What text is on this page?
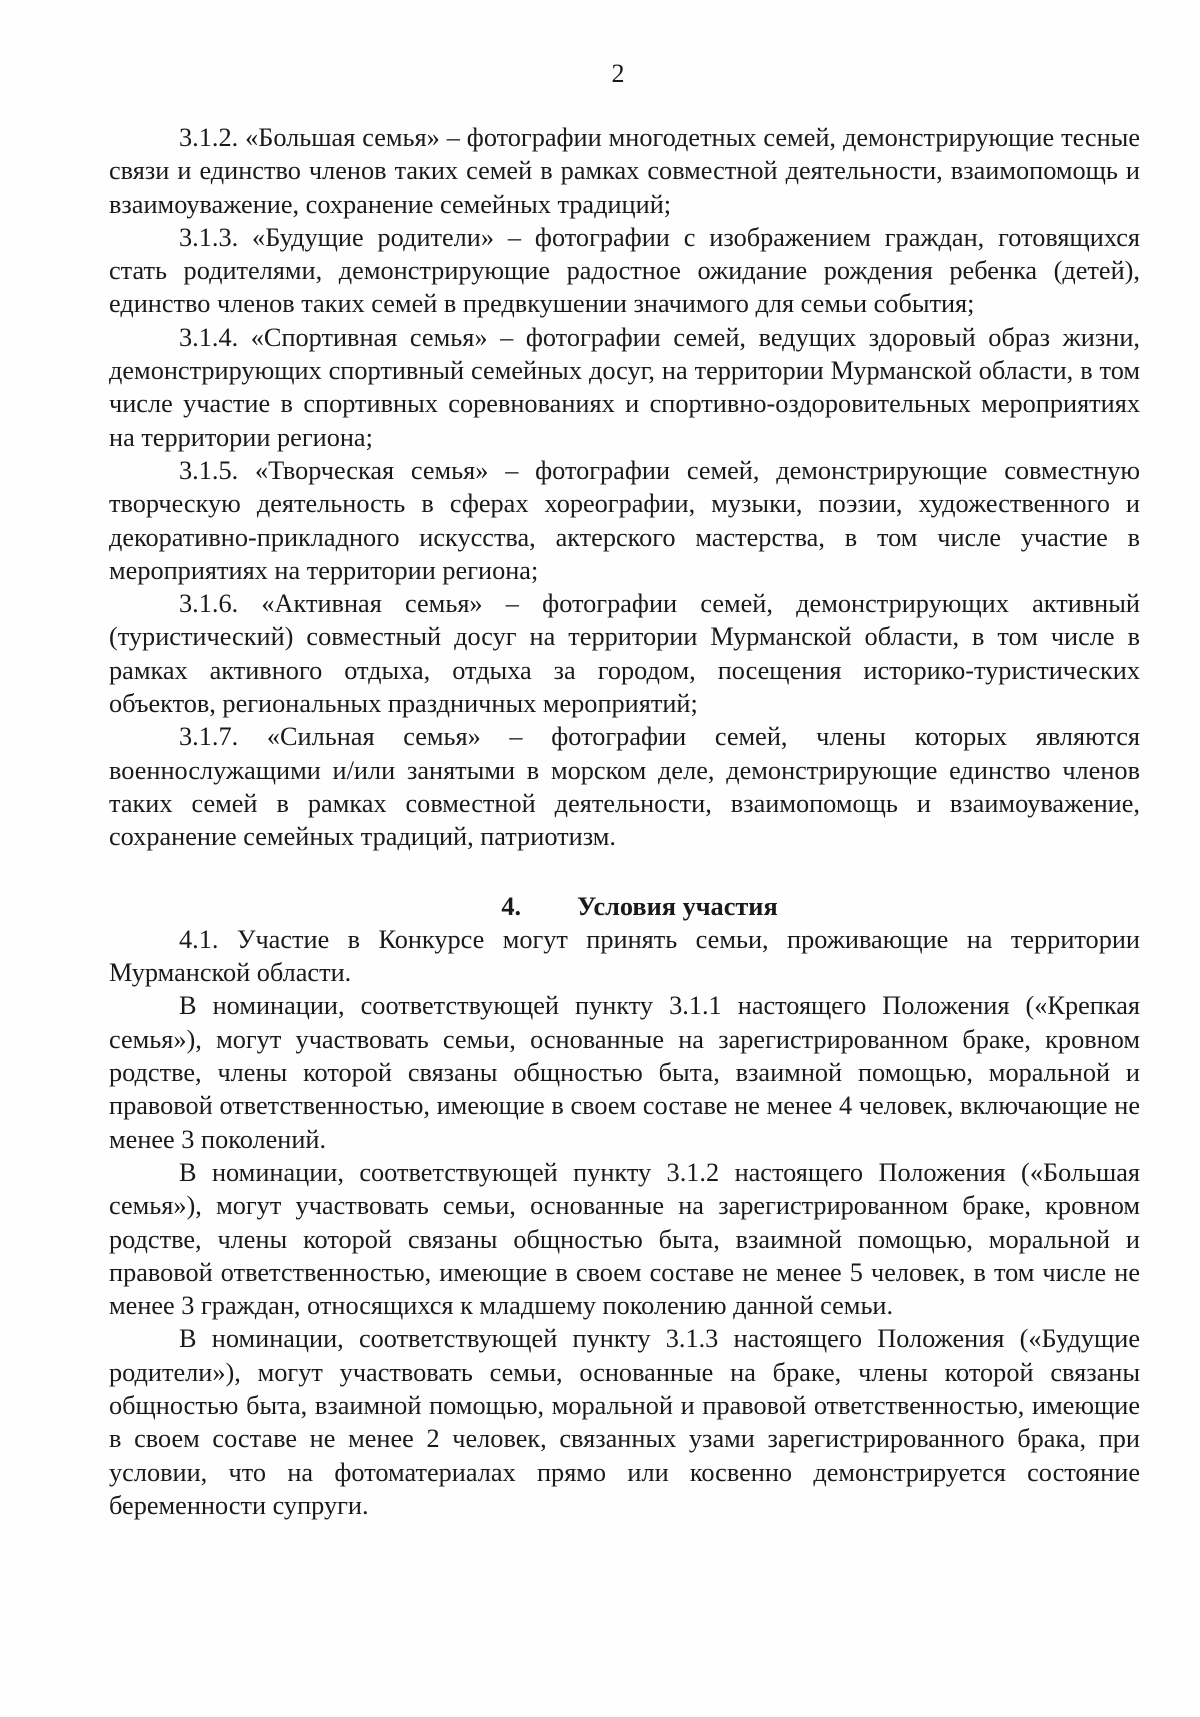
2

3.1.2. «Большая семья» – фотографии многодетных семей, демонстрирующие тесные связи и единство членов таких семей в рамках совместной деятельности, взаимопомощь и взаимоуважение, сохранение семейных традиций;

3.1.3. «Будущие родители» – фотографии с изображением граждан, готовящихся стать родителями, демонстрирующие радостное ожидание рождения ребенка (детей), единство членов таких семей в предвкушении значимого для семьи события;

3.1.4. «Спортивная семья» – фотографии семей, ведущих здоровый образ жизни, демонстрирующих спортивный семейных досуг, на территории Мурманской области, в том числе участие в спортивных соревнованиях и спортивно-оздоровительных мероприятиях на территории региона;

3.1.5. «Творческая семья» – фотографии семей, демонстрирующие совместную творческую деятельность в сферах хореографии, музыки, поэзии, художественного и декоративно-прикладного искусства, актерского мастерства, в том числе участие в мероприятиях на территории региона;

3.1.6. «Активная семья» – фотографии семей, демонстрирующих активный (туристический) совместный досуг на территории Мурманской области, в том числе в рамках активного отдыха, отдыха за городом, посещения историко-туристических объектов, региональных праздничных мероприятий;

3.1.7. «Сильная семья» – фотографии семей, члены которых являются военнослужащими и/или занятыми в морском деле, демонстрирующие единство членов таких семей в рамках совместной деятельности, взаимопомощь и взаимоуважение, сохранение семейных традиций, патриотизм.

4. Условия участия

4.1. Участие в Конкурсе могут принять семьи, проживающие на территории Мурманской области.

В номинации, соответствующей пункту 3.1.1 настоящего Положения («Крепкая семья»), могут участвовать семьи, основанные на зарегистрированном браке, кровном родстве, члены которой связаны общностью быта, взаимной помощью, моральной и правовой ответственностью, имеющие в своем составе не менее 4 человек, включающие не менее 3 поколений.

В номинации, соответствующей пункту 3.1.2 настоящего Положения («Большая семья»), могут участвовать семьи, основанные на зарегистрированном браке, кровном родстве, члены которой связаны общностью быта, взаимной помощью, моральной и правовой ответственностью, имеющие в своем составе не менее 5 человек, в том числе не менее 3 граждан, относящихся к младшему поколению данной семьи.

В номинации, соответствующей пункту 3.1.3 настоящего Положения («Будущие родители»), могут участвовать семьи, основанные на браке, члены которой связаны общностью быта, взаимной помощью, моральной и правовой ответственностью, имеющие в своем составе не менее 2 человек, связанных узами зарегистрированного брака, при условии, что на фотоматериалах прямо или косвенно демонстрируется состояние беременности супруги.
